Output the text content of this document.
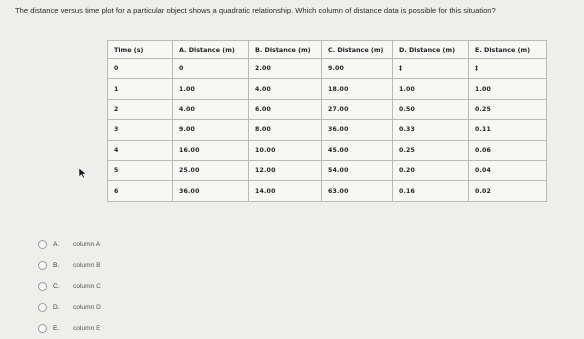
The distance versus time plot for a particular object shows a quadratic relationship. Which column of distance data is possible for this situation?
Time (s)	A. Distance (m)	B. Distance (m)	C. Distance (m)	D. Distance (m)	E. Distance (m)
0	0	2.00	9.00	‡	‡
1	1.00	4.00	18.00	1.00	1.00
2	4.00	6.00	27.00	0.50	0.25
3	9.00	8.00	36.00	0.33	0.11
4	16.00	10.00	45.00	0.25	0.06
5	25.00	12.00	54.00	0.20	0.04
6	36.00	14.00	63.00	0.16	0.02
A.	column A
B.	column B
C.	column C
D.	column D
E.	column E
